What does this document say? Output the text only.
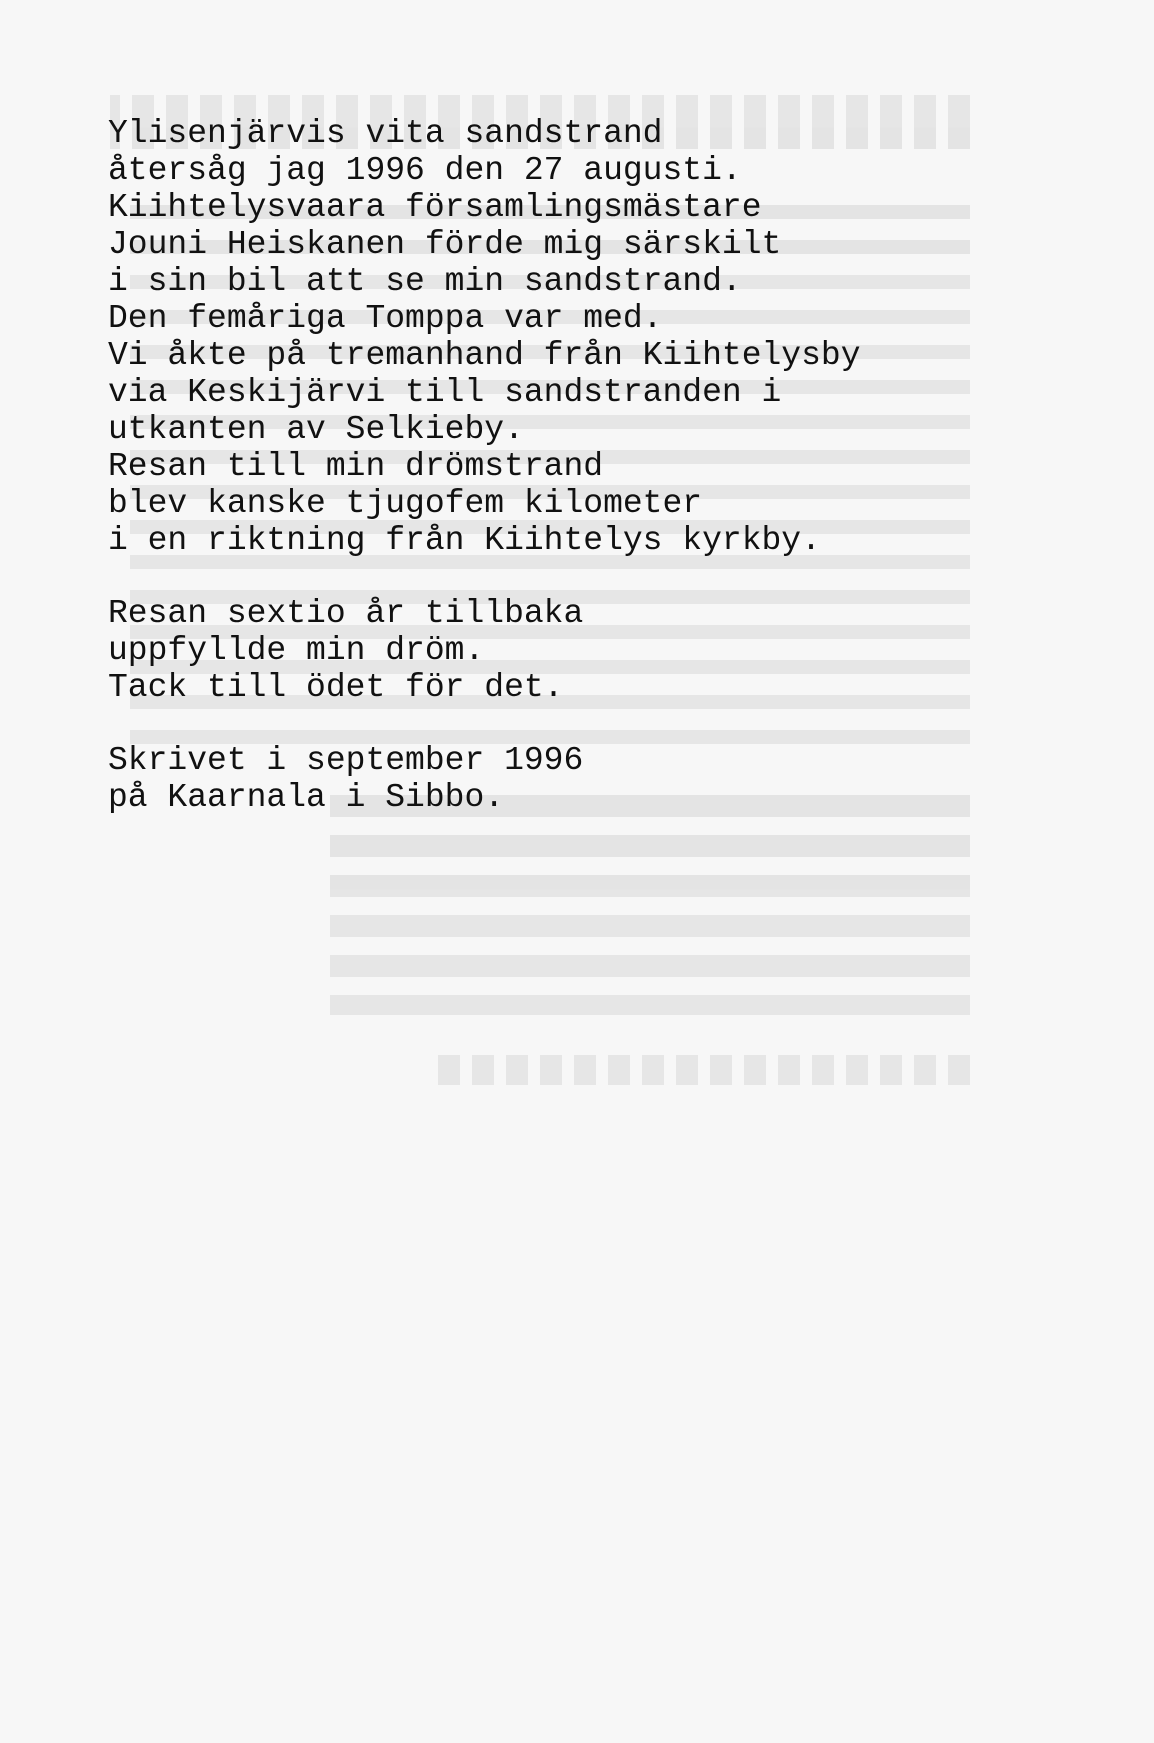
Ylisenjärvis vita sandstrand
återsåg jag 1996 den 27 augusti.
Kiihtelysvaara församlingsmästare
Jouni Heiskanen förde mig särskilt
i sin bil att se min sandstrand.
Den femåriga Tomppa var med.
Vi åkte på tremanhand från Kiihtelysby
via Keskijärvi till sandstranden i
utkanten av Selkieby.
Resan till min drömstrand
blev kanske tjugofem kilometer
i en riktning från Kiihtelys kyrkby.
Resan sextio år tillbaka
uppfyllde min dröm.
Tack till ödet för det.
Skrivet i september 1996
på Kaarnala i Sibbo.
